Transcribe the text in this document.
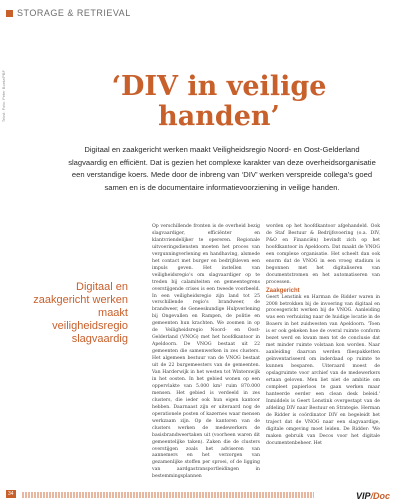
STORAGE & RETRIEVAL
Tekst: Foto: Peter Boetz/PBF	‘DIV in veilige
handen’
Digitaal en zaakgericht werken maakt Veiligheidsregio Noord- en Oost-Gelderland slagvaardig en efficiënt. Dat is gezien het complexe karakter van deze overheidsorganisatie een verstandige koers. Mede door de inbreng van ‘DIV’ werken verspreide collega’s goed samen en is de documentaire informatievoorziening in veilige handen.
Digitaal en zaakgericht werken maakt veiligheidsregio slagvaardig

Op verschillende fronten is de overheid bezig slagvaardiger, efficiënter en klantvriendelijker te opereren. Regionale uitvoeringsdiensten moeten het proces van vergunningverlening en handhaving, alsmede het contact met burger en bedrijfsleven een impuls geven. Het instellen van veiligheidsregio's om slagvaardiger op te treden bij calamiteiten en gemeentegrens overstijgende crises is een tweede voorbeeld. In een veiligheidsregio zijn land tot 25 verschillende regio's brandweer, de brandweer, de Geneeskundige Hulpverlening bij Ongevallen en Rampen, de politie en gemeenten hun krachten. We zoomen in op de Veiligheidsregio Noord- en Oost-Gelderland (VNOG) met het hoofdkantoor in Apeldoorn. De VNOG bestaat uit 22 gemeenten die samenwerken in zes clusters. Het algemeen bestuur van de VNOG bestaat uit de 22 burgemeesters van de gemeenten. Van Harderwijk in het westen tot Winterswijk in het oosten. In het gebied wonen op een oppervlakte van 5.000 km² ruim 870.000 mensen. Het gebied is verdeeld in zes clusters, die ieder ook hun eigen kantoor hebben. Daarnaast zijn er uiteraard nog de operationele posten of kazernes waar mensen werkzaam zijn. Op de kantoren van de clusters werken de medewerkers de basisbrandweertaken uit (voorheen waren dit gemeentelijke taken). Zaken die de clusters overstijgen zoals het adviseren van aannemers en het verzorgen van gezamenlijke stoffen per sproei, of de ligging van aardgastransportleidingen in bestemmingsplannen

worden op het hoofdkantoor afgehandeld. Ook de Staf Bestuur & Bedrijfsvoering (o.a. DIV, P&O en Financiën) bevindt zich op het hoofdkantoor in Apeldoorn. Dat maakt de VNOG een complexe organisatie. Het scheelt dan ook enorm dat de VNOG in een vroeg stadium is begonnen met het digitaliseren van documentstromen en het automatiseren van processen.

Zaakgericht

Geert Lenstink en Harman de Ridder waren in 2008 betrokken bij de invoering van digitaal en procesgericht werken bij de VNOG. Aanleiding was een verhuizing naar de huidige locatie in de Boaers in het zuidwesten van Apeldoorn. 'Toen is er ook gekeken hoe de overal ruimte conform bezet werd en kwam men tot de conclusie dat met minder ruimte volstaan kon worden. Naar aanleiding daarvan werden fliespakketten geïnventariseerd om inderdaad op ruimte te kunnen besparen. Uiteraard moest de opslagruimte voor archief van de medewerkers ertaan geloven. Men liet niet de ambitie om compleet papierloos te gaan werken maar hanteerde eerder een clean desk beleid.' Inmiddels is Geert Lenstink overgestapt van de afdeling DIV naar Bestuur en Strategie. Herman de Ridder is coördinator DIV en begeleidt het traject dat de VNOG naar een slagvaardige, digitale omgeving moet leiden. De Ridder: 'We maken gebruik van Decos voor het digitale documentenbeheer. Het

34	VIP/Doc
